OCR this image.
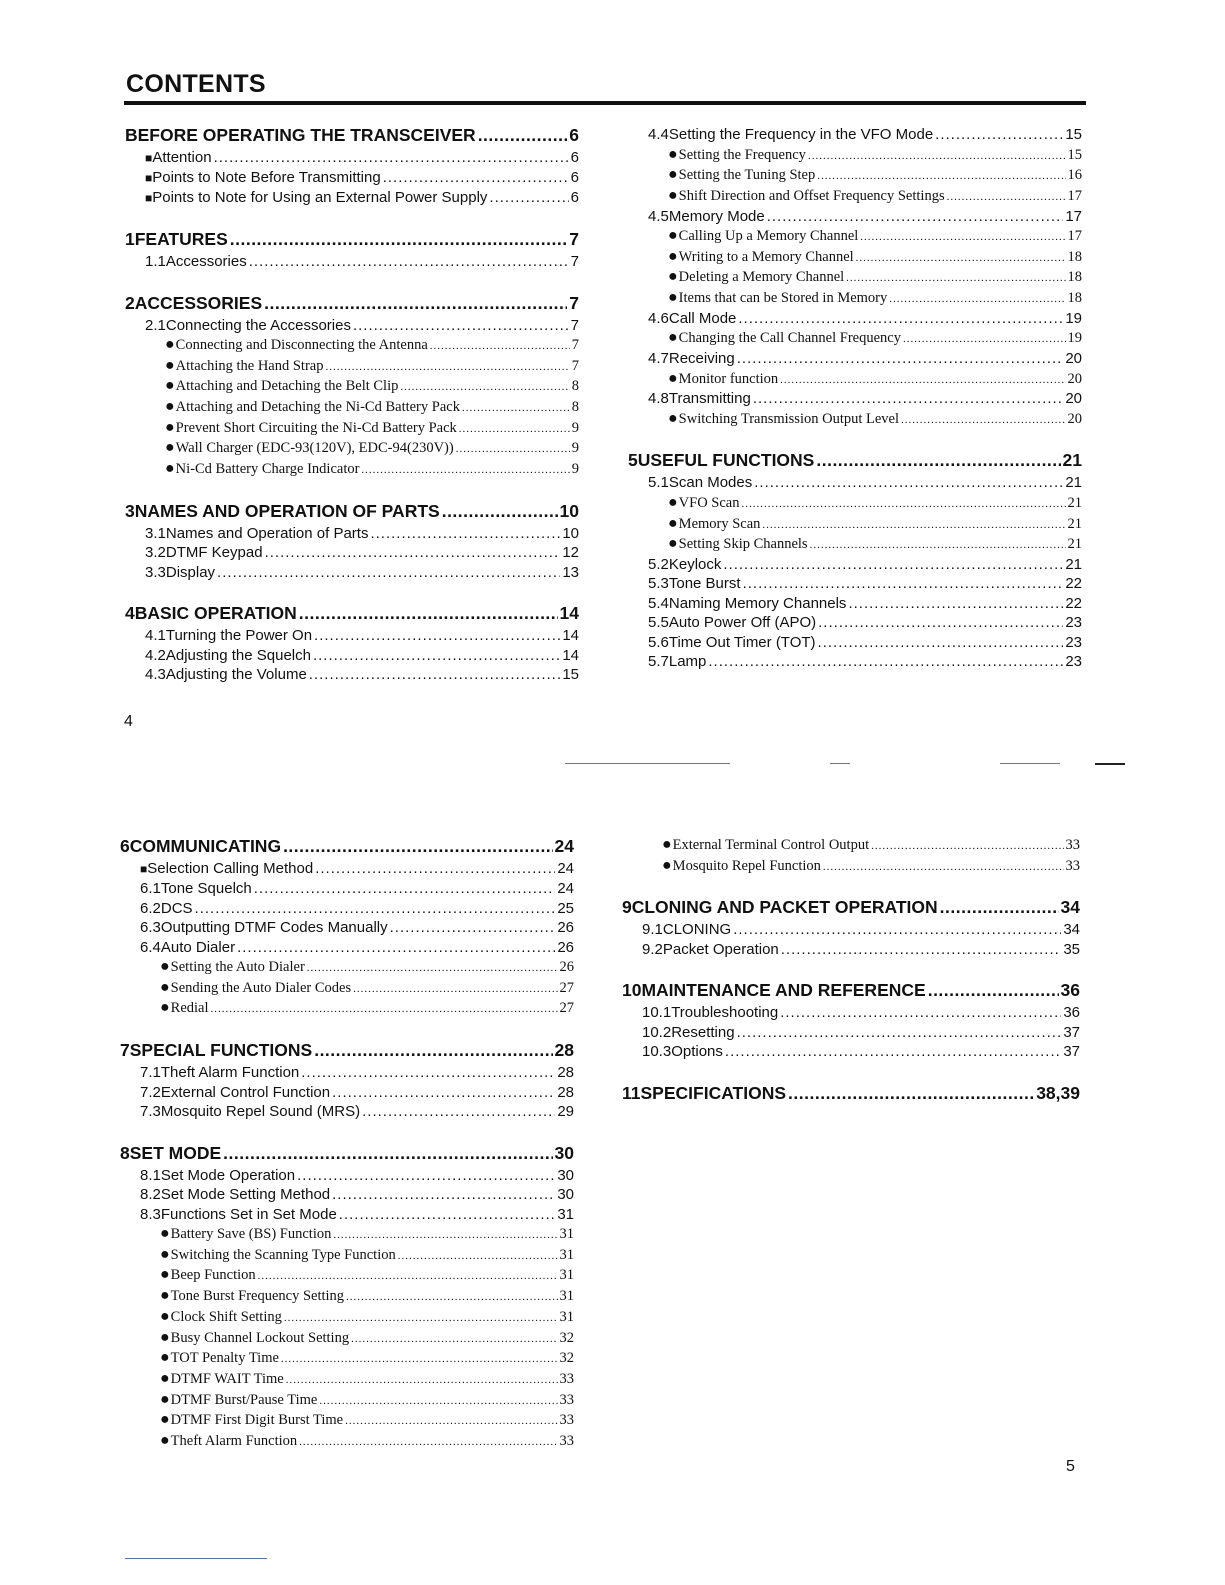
CONTENTS
BEFORE OPERATING THE TRANSCEIVER .....	6
■ Attention .....	6
■ Points to Note Before Transmitting .....	6
■ Points to Note for Using an External Power Supply .....	6
1 FEATURES .....	7
1.1 Accessories .....	7
2 ACCESSORIES .....	7
2.1 Connecting the Accessories .....	7
● Connecting and Disconnecting the Antenna .....	7
● Attaching the Hand Strap .....	7
● Attaching and Detaching the Belt Clip .....	8
● Attaching and Detaching the Ni-Cd Battery Pack .....	8
● Prevent Short Circuiting the Ni-Cd Battery Pack .....	9
● Wall Charger (EDC-93(120V), EDC-94(230V)) .....	9
● Ni-Cd Battery Charge Indicator .....	9
3 NAMES AND OPERATION OF PARTS .....	10
3.1 Names and Operation of Parts .....	10
3.2 DTMF Keypad .....	12
3.3 Display .....	13
4 BASIC OPERATION .....	14
4.1 Turning the Power On .....	14
4.2 Adjusting the Squelch .....	14
4.3 Adjusting the Volume .....	15
4.4 Setting the Frequency in the VFO Mode .....	15
● Setting the Frequency .....	15
● Setting the Tuning Step .....	16
● Shift Direction and Offset Frequency Settings .....	17
4.5 Memory Mode .....	17
● Calling Up a Memory Channel .....	17
● Writing to a Memory Channel .....	18
● Deleting a Memory Channel .....	18
● Items that can be Stored in Memory .....	18
4.6 Call Mode .....	19
● Changing the Call Channel Frequency .....	19
4.7 Receiving .....	20
● Monitor function .....	20
4.8 Transmitting .....	20
● Switching Transmission Output Level .....	20
5 USEFUL FUNCTIONS .....	21
5.1 Scan Modes .....	21
● VFO Scan .....	21
● Memory Scan .....	21
● Setting Skip Channels .....	21
5.2 Keylock .....	21
5.3 Tone Burst .....	22
5.4 Naming Memory Channels .....	22
5.5 Auto Power Off (APO) .....	23
5.6 Time Out Timer (TOT) .....	23
5.7 Lamp .....	23
6 COMMUNICATING .....	24
■ Selection Calling Method .....	24
6.1 Tone Squelch .....	24
6.2 DCS .....	25
6.3 Outputting DTMF Codes Manually .....	26
6.4 Auto Dialer .....	26
● Setting the Auto Dialer .....	26
● Sending the Auto Dialer Codes .....	27
● Redial .....	27
7 SPECIAL FUNCTIONS .....	28
7.1 Theft Alarm Function .....	28
7.2 External Control Function .....	28
7.3 Mosquito Repel Sound (MRS) .....	29
8 SET MODE .....	30
8.1 Set Mode Operation .....	30
8.2 Set Mode Setting Method .....	30
8.3 Functions Set in Set Mode .....	31
● Battery Save (BS) Function .....	31
● Switching the Scanning Type Function .....	31
● Beep Function .....	31
● Tone Burst Frequency Setting .....	31
● Clock Shift Setting .....	31
● Busy Channel Lockout Setting .....	32
● TOT Penalty Time .....	32
● DTMF WAIT Time .....	33
● DTMF Burst/Pause Time .....	33
● DTMF First Digit Burst Time .....	33
● Theft Alarm Function .....	33
● External Terminal Control Output .....	33
● Mosquito Repel Function .....	33
9 CLONING AND PACKET OPERATION .....	34
9.1 CLONING .....	34
9.2 Packet Operation .....	35
10 MAINTENANCE AND REFERENCE .....	36
10.1 Troubleshooting .....	36
10.2 Resetting .....	37
10.3 Options .....	37
11 SPECIFICATIONS .....	38,39
4
5
